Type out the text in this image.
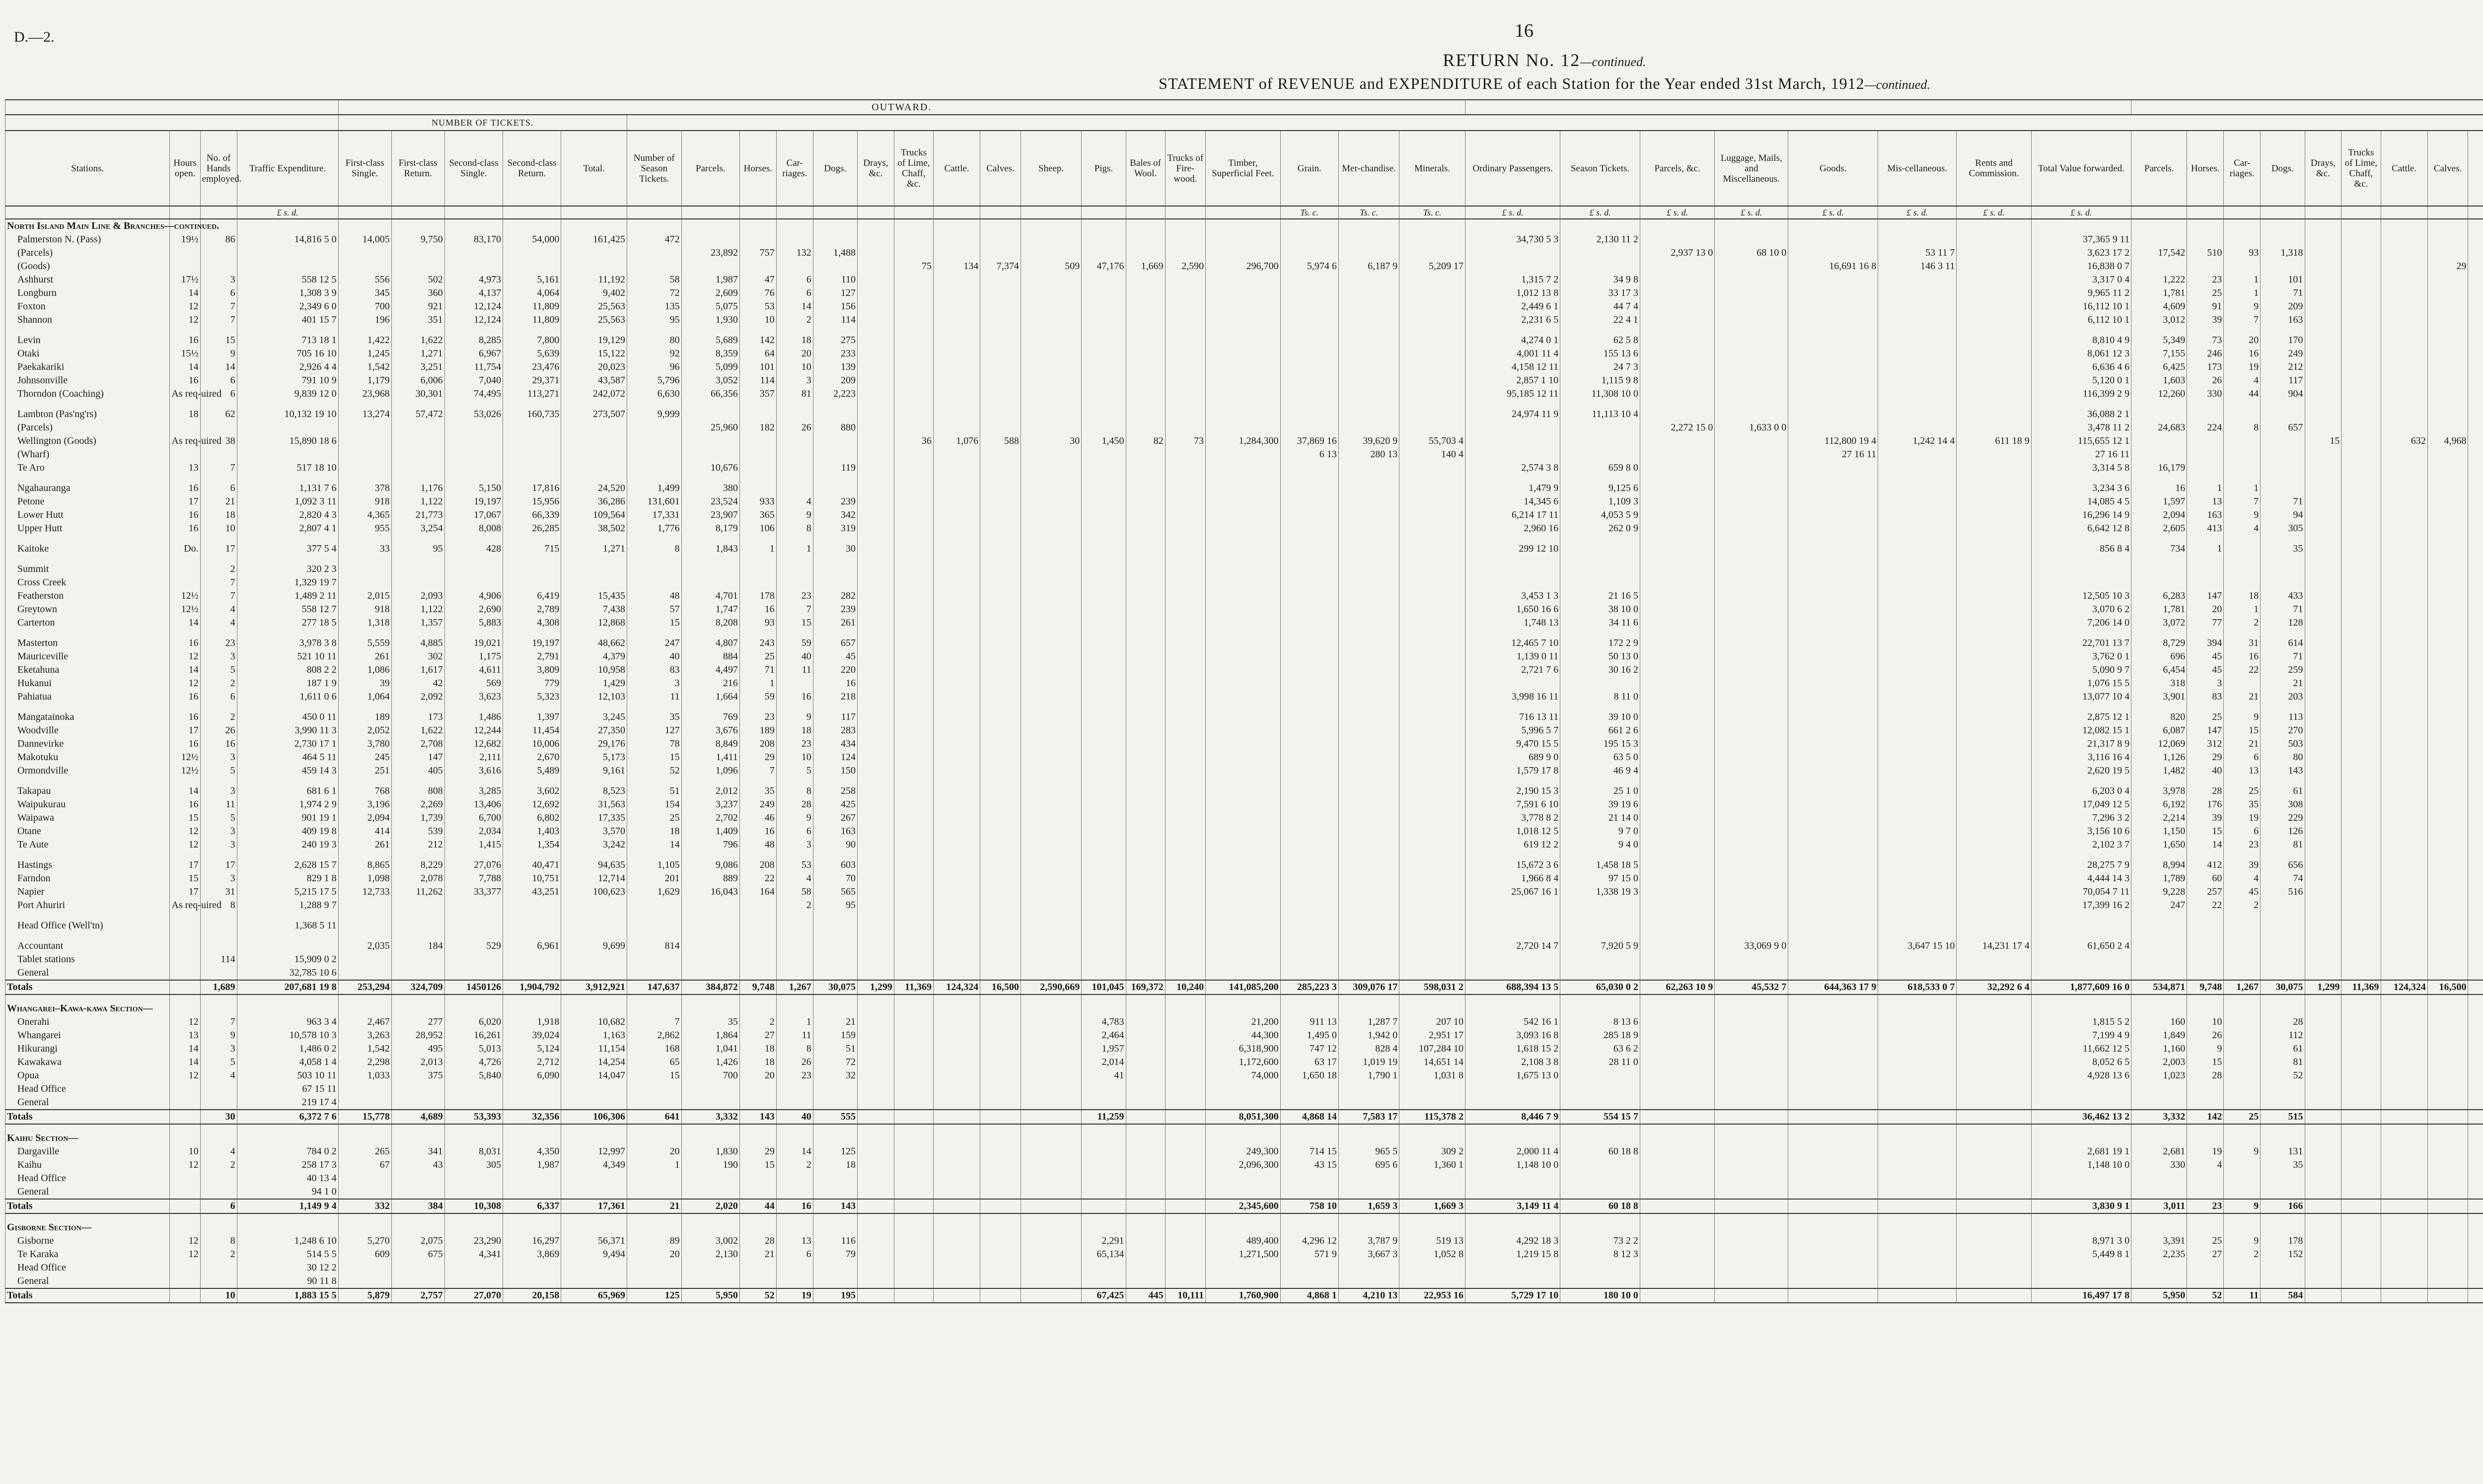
D.—2.	16
RETURN No. 12—continued.
STATEMENT of REVENUE and EXPENDITURE of each Station for the Year ended 31st March, 1912—continued.
				OUTWARD.			
				NUMBER OF TICKETS.																																														
Stations.	Hours open.	No. of Hands employed.	Traffic Expenditure.	First-class Single.	First-class Return.	Second-class Single.	Second-class Return.	Total.	Number of Season Tickets.	Parcels.	Horses.	Car-riages.	Dogs.	Drays, &c.	Trucks of Lime, Chaff, &c.	Cattle.	Calves.	Sheep.	Pigs.	Bales of Wool.	Trucks of Fire-wood.	Timber, Superficial Feet.	Grain.	Mer-chandise.	Minerals.	Ordinary Passengers.	Season Tickets.	Parcels, &c.	Luggage, Mails, and Miscellaneous.	Goods.	Mis-cellaneous.	Rents and Commission.	Total Value forwarded.	Parcels.	Horses.	Car-riages.	Dogs.	Drays, &c.	Trucks of Lime, Chaff, &c.	Cattle.	Calves.									
			£ s. d.																				Ts. c.	Ts. c.	Ts. c.	£ s. d.	£ s. d.	£ s. d.	£ s. d.	£ s. d.	£ s. d.	£ s. d.	£ s. d.																	
North Island Main Line & Branches—continued.																																																		
Palmerston N. (Pass)	19½	86	14,816 5 0	14,005	9,750	83,170	54,000	161,425	472																	34,730 5 3	2,130 11 2						37,365 9 11																	
(Parcels)										23,892	757	132	1,488															2,937 13 0	68 10 0		53 11 7		3,623 17 2	17,542	510	93	1,318													
(Goods)															75	134	7,374	509	47,176	1,669	2,590	296,700	5,974 6	6,187 9	5,209 17					16,691 16 8	146 3 11		16,838 0 7								29									
Ashhurst	17½	3	558 12 5	556	502	4,973	5,161	11,192	58	1,987	47	6	110													1,315 7 2	34 9 8						3,317 0 4	1,222	23	1	101													
Longburn	14	6	1,308 3 9	345	360	4,137	4,064	9,402	72	2,609	76	6	127													1,012 13 8	33 17 3						9,965 11 2	1,781	25	1	71													
Foxton	12	7	2,349 6 0	700	921	12,124	11,809	25,563	135	5,075	53	14	156													2,449 6 1	44 7 4						16,112 10 1	4,609	91	9	209													
Shannon	12	7	401 15 7	196	351	12,124	11,809	25,563	95	1,930	10	2	114													2,231 6 5	22 4 1						6,112 10 1	3,012	39	7	163													

Levin	16	15	713 18 1	1,422	1,622	8,285	7,800	19,129	80	5,689	142	18	275													4,274 0 1	62 5 8						8,810 4 9	5,349	73	20	170													
Otaki	15½	9	705 16 10	1,245	1,271	6,967	5,639	15,122	92	8,359	64	20	233													4,001 11 4	155 13 6						8,061 12 3	7,155	246	16	249													
Paekakariki	14	14	2,926 4 4	1,542	3,251	11,754	23,476	20,023	96	5,099	101	10	139													4,158 12 11	24 7 3						6,636 4 6	6,425	173	19	212													
Johnsonville	16	6	791 10 9	1,179	6,006	7,040	29,371	43,587	5,796	3,052	114	3	209													2,857 1 10	1,115 9 8						5,120 0 1	1,603	26	4	117													
Thorndon (Coaching)	As req-uired	6	9,839 12 0	23,968	30,301	74,495	113,271	242,072	6,630	66,356	357	81	2,223													95,185 12 11	11,308 10 0						116,399 2 9	12,260	330	44	904													

Lambton (Pas'ng'rs)	18	62	10,132 19 10	13,274	57,472	53,026	160,735	273,507	9,999																	24,974 11 9	11,113 10 4						36,088 2 1																	
(Parcels)										25,960	182	26	880															2,272 15 0	1,633 0 0				3,478 11 2	24,683	224	8	657													
Wellington (Goods)	As req-uired	38	15,890 18 6												36	1,076	588	30	1,450	82	73	1,284,300	37,869 16	39,620 9	55,703 4					112,800 19 4	1,242 14 4	611 18 9	115,655 12 1					15		632	4,968									
(Wharf)																							6 13	280 13	140 4					27 16 11			27 16 11																	
Te Aro	13	7	517 18 10							10,676			119													2,574 3 8	659 8 0						3,314 5 8	16,179																

Ngahauranga	16	6	1,131 7 6	378	1,176	5,150	17,816	24,520	1,499	380																1,479 9	9,125 6						3,234 3 6	16	1	1														
Petone	17	21	1,092 3 11	918	1,122	19,197	15,956	36,286	131,601	23,524	933	4	239													14,345 6	1,109 3						14,085 4 5	1,597	13	7	71													
Lower Hutt	16	18	2,820 4 3	4,365	21,773	17,067	66,339	109,564	17,331	23,907	365	9	342													6,214 17 11	4,053 5 9						16,296 14 9	2,094	163	9	94													
Upper Hutt	16	10	2,807 4 1	955	3,254	8,008	26,285	38,502	1,776	8,179	106	8	319													2,960 16	262 0 9						6,642 12 8	2,605	413	4	305													

Kaitoke	Do.	17	377 5 4	33	95	428	715	1,271	8	1,843	1	1	30													299 12 10							856 8 4	734	1		35													

Summit		2	320 2 3																																															
Cross Creek		7	1,329 19 7																																															
Featherston	12½	7	1,489 2 11	2,015	2,093	4,906	6,419	15,435	48	4,701	178	23	282													3,453 1 3	21 16 5						12,505 10 3	6,283	147	18	433													
Greytown	12½	4	558 12 7	918	1,122	2,690	2,789	7,438	57	1,747	16	7	239													1,650 16 6	38 10 0						3,070 6 2	1,781	20	1	71													
Carterton	14	4	277 18 5	1,318	1,357	5,883	4,308	12,868	15	8,208	93	15	261													1,748 13	34 11 6						7,206 14 0	3,072	77	2	128													

Masterton	16	23	3,978 3 8	5,559	4,885	19,021	19,197	48,662	247	4,807	243	59	657													12,465 7 10	172 2 9						22,701 13 7	8,729	394	31	614													
Mauriceville	12	3	521 10 11	261	302	1,175	2,791	4,379	40	884	25	40	45													1,139 0 11	50 13 0						3,762 0 1	696	45	16	71													
Eketahuna	14	5	808 2 2	1,086	1,617	4,611	3,809	10,958	83	4,497	71	11	220													2,721 7 6	30 16 2						5,090 9 7	6,454	45	22	259													
Hukanui	12	2	187 1 9	39	42	569	779	1,429	3	216	1		16																				1,076 15 5	318	3		21													
Pahiatua	16	6	1,611 0 6	1,064	2,092	3,623	5,323	12,103	11	1,664	59	16	218													3,998 16 11	8 11 0						13,077 10 4	3,901	83	21	203													

Mangatainoka	16	2	450 0 11	189	173	1,486	1,397	3,245	35	769	23	9	117													716 13 11	39 10 0						2,875 12 1	820	25	9	113													
Woodville	17	26	3,990 11 3	2,052	1,622	12,244	11,454	27,350	127	3,676	189	18	283													5,996 5 7	661 2 6						12,082 15 1	6,087	147	15	270													
Dannevirke	16	16	2,730 17 1	3,780	2,708	12,682	10,006	29,176	78	8,849	208	23	434													9,470 15 5	195 15 3						21,317 8 9	12,069	312	21	503													
Makotuku	12½	3	464 5 11	245	147	2,111	2,670	5,173	15	1,411	29	10	124													689 9 0	63 5 0						3,116 16 4	1,126	29	6	80													
Ormondville	12½	5	459 14 3	251	405	3,616	5,489	9,161	52	1,096	7	5	150													1,579 17 8	46 9 4						2,620 19 5	1,482	40	13	143													

Takapau	14	3	681 6 1	768	808	3,285	3,602	8,523	51	2,012	35	8	258													2,190 15 3	25 1 0						6,203 0 4	3,978	28	25	61													
Waipukurau	16	11	1,974 2 9	3,196	2,269	13,406	12,692	31,563	154	3,237	249	28	425													7,591 6 10	39 19 6						17,049 12 5	6,192	176	35	308													
Waipawa	15	5	901 19 1	2,094	1,739	6,700	6,802	17,335	25	2,702	46	9	267													3,778 8 2	21 14 0						7,296 3 2	2,214	39	19	229													
Otane	12	3	409 19 8	414	539	2,034	1,403	3,570	18	1,409	16	6	163													1,018 12 5	9 7 0						3,156 10 6	1,150	15	6	126													
Te Aute	12	3	240 19 3	261	212	1,415	1,354	3,242	14	796	48	3	90													619 12 2	9 4 0						2,102 3 7	1,650	14	23	81													

Hastings	17	17	2,628 15 7	8,865	8,229	27,076	40,471	94,635	1,105	9,086	208	53	603													15,672 3 6	1,458 18 5						28,275 7 9	8,994	412	39	656													
Farndon	15	3	829 1 8	1,098	2,078	7,788	10,751	12,714	201	889	22	4	70													1,966 8 4	97 15 0						4,444 14 3	1,789	60	4	74													
Napier	17	31	5,215 17 5	12,733	11,262	33,377	43,251	100,623	1,629	16,043	164	58	565													25,067 16 1	1,338 19 3						70,054 7 11	9,228	257	45	516													
Port Ahuriri	As req-uired	8	1,288 9 7									2	95																				17,399 16 2	247	22	2														

Head Office (Well'tn)			1,368 5 11																																															

Accountant				2,035	184	529	6,961	9,699	814																	2,720 14 7	7,920 5 9		33,069 9 0		3,647 15 10	14,231 17 4	61,650 2 4																	
Tablet stations		114	15,909 0 2																																															
General			32,785 10 6																																															
Totals		1,689	207,681 19 8	253,294	324,709	1450126	1,904,792	3,912,921	147,637	384,872	9,748	1,267	30,075	1,299	11,369	124,324	16,500	2,590,669	101,045	169,372	10,240	141,085,200	285,223 3	309,076 17	598,031 2	688,394 13 5	65,030 0 2	62,263 10 9	45,532 7	644,363 17 9	618,533 0 7	32,292 6 4	1,877,609 16 0	534,871	9,748	1,267	30,075	1,299	11,369	124,324	16,500									

Whangarei–Kawa-kawa Section—																																																		
Onerahi	12	7	963 3 4	2,467	277	6,020	1,918	10,682	7	35	2	1	21						4,783			21,200	911 13	1,287 7	207 10	542 16 1	8 13 6						1,815 5 2	160	10		28													
Whangarei	13	9	10,578 10 3	3,263	28,952	16,261	39,024	1,163	2,862	1,864	27	11	159						2,464			44,300	1,495 0	1,942 0	2,951 17	3,093 16 8	285 18 9						7,199 4 9	1,849	26		112													
Hikurangi	14	3	1,486 0 2	1,542	495	5,013	5,124	11,154	168	1,041	18	8	51						1,957			6,318,900	747 12	828 4	107,284 10	1,618 15 2	63 6 2						11,662 12 5	1,160	9		61													
Kawakawa	14	5	4,058 1 4	2,298	2,013	4,726	2,712	14,254	65	1,426	18	26	72						2,014			1,172,600	63 17	1,019 19	14,651 14	2,108 3 8	28 11 0						8,052 6 5	2,003	15		81													
Opua	12	4	503 10 11	1,033	375	5,840	6,090	14,047	15	700	20	23	32						41			74,000	1,650 18	1,790 1	1,031 8	1,675 13 0							4,928 13 6	1,023	28		52													
Head Office			67 15 11																																															
General			219 17 4																																															
Totals		30	6,372 7 6	15,778	4,689	53,393	32,356	106,306	641	3,332	143	40	555						11,259			8,051,300	4,868 14	7,583 17	115,378 2	8,446 7 9	554 15 7						36,462 13 2	3,332	142	25	515													

Kaihu Section—																																																		
Dargaville	10	4	784 0 2	265	341	8,031	4,350	12,997	20	1,830	29	14	125									249,300	714 15	965 5	309 2	2,000 11 4	60 18 8						2,681 19 1	2,681	19	9	131													
Kaihu	12	2	258 17 3	67	43	305	1,987	4,349	1	190	15	2	18									2,096,300	43 15	695 6	1,360 1	1,148 10 0							1,148 10 0	330	4		35													
Head Office			40 13 4																																															
General			94 1 0																																															
Totals		6	1,149 9 4	332	384	10,308	6,337	17,361	21	2,020	44	16	143									2,345,600	758 10	1,659 3	1,669 3	3,149 11 4	60 18 8						3,830 9 1	3,011	23	9	166													

Gisborne Section—																																																		
Gisborne	12	8	1,248 6 10	5,270	2,075	23,290	16,297	56,371	89	3,002	28	13	116						2,291			489,400	4,296 12	3,787 9	519 13	4,292 18 3	73 2 2						8,971 3 0	3,391	25	9	178													
Te Karaka	12	2	514 5 5	609	675	4,341	3,869	9,494	20	2,130	21	6	79						65,134			1,271,500	571 9	3,667 3	1,052 8	1,219 15 8	8 12 3						5,449 8 1	2,235	27	2	152													
Head Office			30 12 2																																															
General			90 11 8																																															
Totals		10	1,883 15 5	5,879	2,757	27,070	20,158	65,969	125	5,950	52	19	195						67,425	445	10,111	1,760,900	4,868 1	4,210 13	22,953 16	5,729 17 10	180 10 0						16,497 17 8	5,950	52	11	584													
